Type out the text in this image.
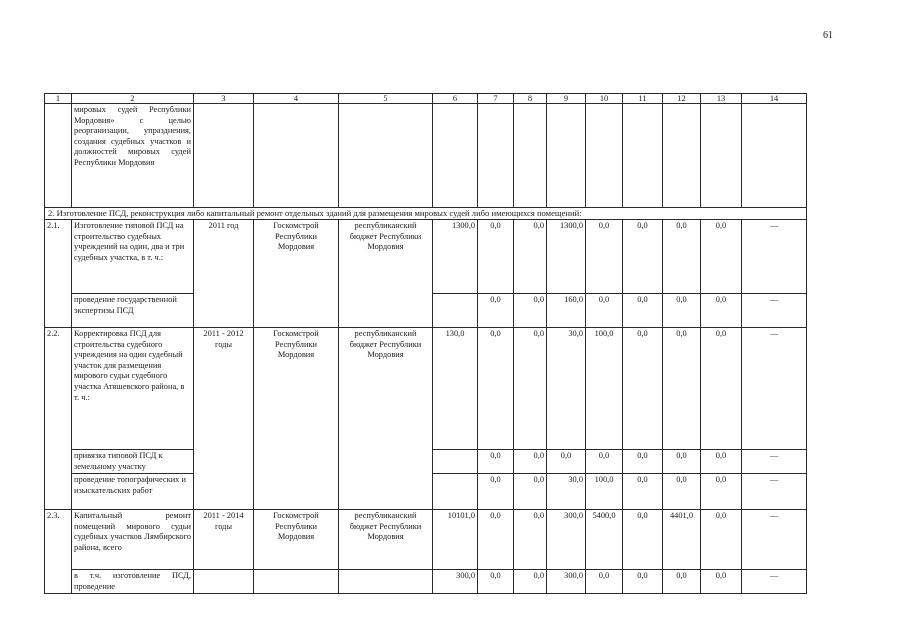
61
1	2	3	4	5	6	7	8	9	10	11	12	13	14
	мировых судей Республики Мордовия» с целью реорганизации, упразднения, создания судебных участков и должностей мировых судей Республики Мордовия												
2. Изготовление ПСД, реконструкция либо капитальный ремонт отдельных зданий для размещения мировых судей либо имеющихся помещений:													
2.1.	Изготовление типовой ПСД на строительство судебных учреждений на один, два и три судебных участка, в т. ч.:	2011 год	Госкомстрой Республики Мордовия	республиканский бюджет Республики Мордовия	1300,0	0,0	0,0	1300,0	0,0	0,0	0,0	0,0	—
	проведение государственной экспертизы ПСД					0,0	0,0	160,0	0,0	0,0	0,0	0,0	—
2.2.	Корректировка ПСД для строительства судебного учреждения на один судебный участок для размещения мирового судьи судебного участка Атяшевского района, в т. ч.:	2011 - 2012 годы	Госкомстрой Республики Мордовия	республиканский бюджет Республики Мордовия	130,0	0,0	0,0	30,0	100,0	0,0	0,0	0,0	—
	привязка типовой ПСД к земельному участку					0,0	0,0	0,0	0,0	0,0	0,0	0,0	—
	проведение топографических и изыскательских работ					0,0	0,0	30,0	100,0	0,0	0,0	0,0	—
2.3.	Капитальный ремонт помещений мирового судьи судебных участков Лямбирского района, всего	2011 - 2014 годы	Госкомстрой Республики Мордовия	республиканский бюджет Республики Мордовия	10101,0	0,0	0,0	300,0	5400,0	0,0	4401,0	0,0	—
	в т.ч. изготовление ПСД, проведение				300,0	0,0	0,0	300,0	0,0	0,0	0,0	0,0	—
